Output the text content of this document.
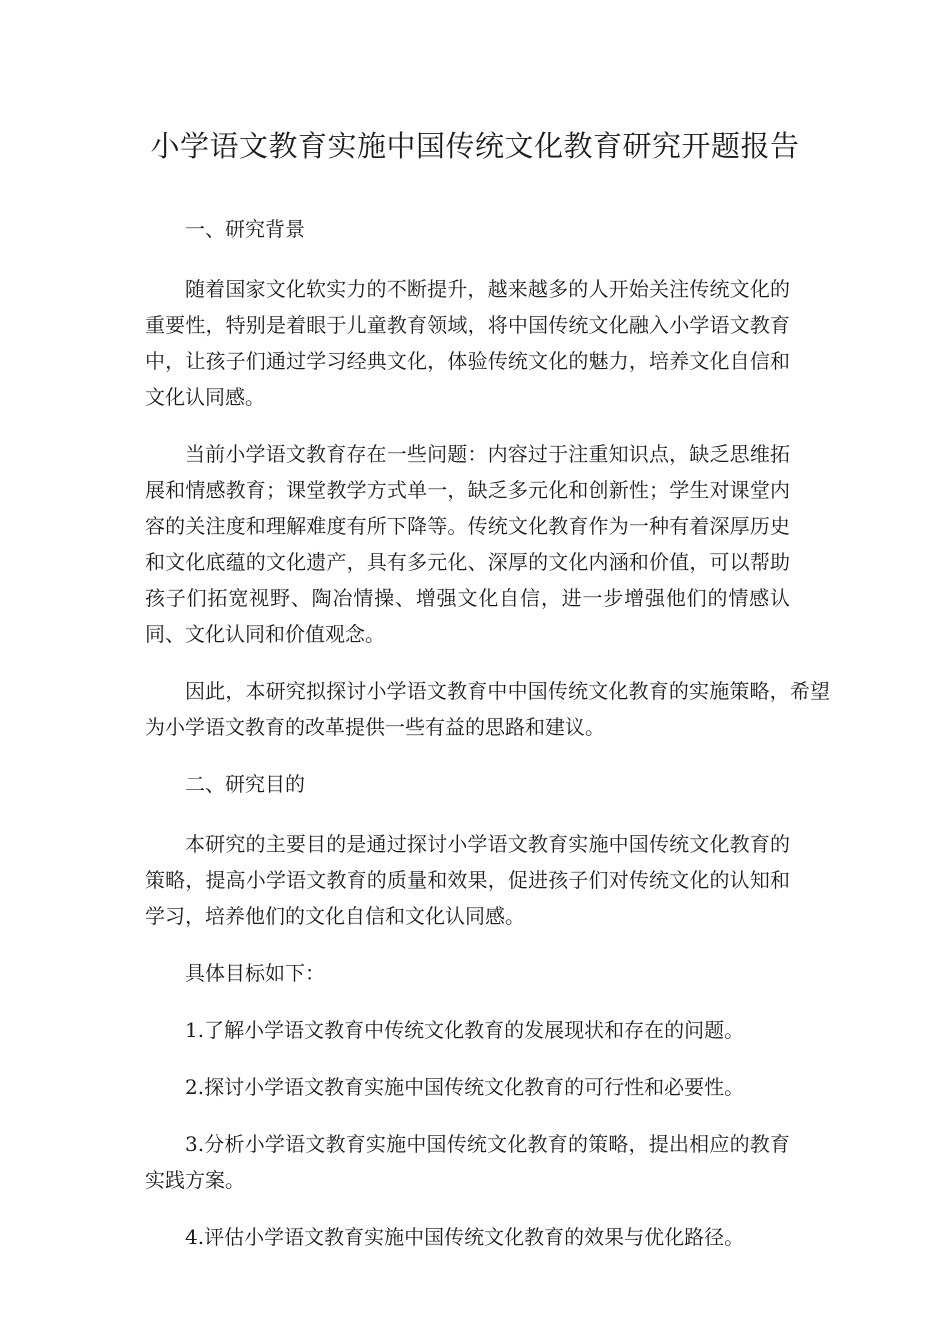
小学语文教育实施中国传统文化教育研究开题报告

一、研究背景

随着国家文化软实力的不断提升，越来越多的人开始关注传统文化的重要性，特别是着眼于儿童教育领域，将中国传统文化融入小学语文教育中，让孩子们通过学习经典文化，体验传统文化的魅力，培养文化自信和文化认同感。

当前小学语文教育存在一些问题：内容过于注重知识点，缺乏思维拓展和情感教育；课堂教学方式单一，缺乏多元化和创新性；学生对课堂内容的关注度和理解难度有所下降等。传统文化教育作为一种有着深厚历史和文化底蕴的文化遗产，具有多元化、深厚的文化内涵和价值，可以帮助孩子们拓宽视野、陶冶情操、增强文化自信，进一步增强他们的情感认同、文化认同和价值观念。

因此，本研究拟探讨小学语文教育中中国传统文化教育的实施策略，希望为小学语文教育的改革提供一些有益的思路和建议。

二、研究目的

本研究的主要目的是通过探讨小学语文教育实施中国传统文化教育的策略，提高小学语文教育的质量和效果，促进孩子们对传统文化的认知和学习，培养他们的文化自信和文化认同感。

具体目标如下：

1.了解小学语文教育中传统文化教育的发展现状和存在的问题。

2.探讨小学语文教育实施中国传统文化教育的可行性和必要性。

3.分析小学语文教育实施中国传统文化教育的策略，提出相应的教育实践方案。

4.评估小学语文教育实施中国传统文化教育的效果与优化路径。
